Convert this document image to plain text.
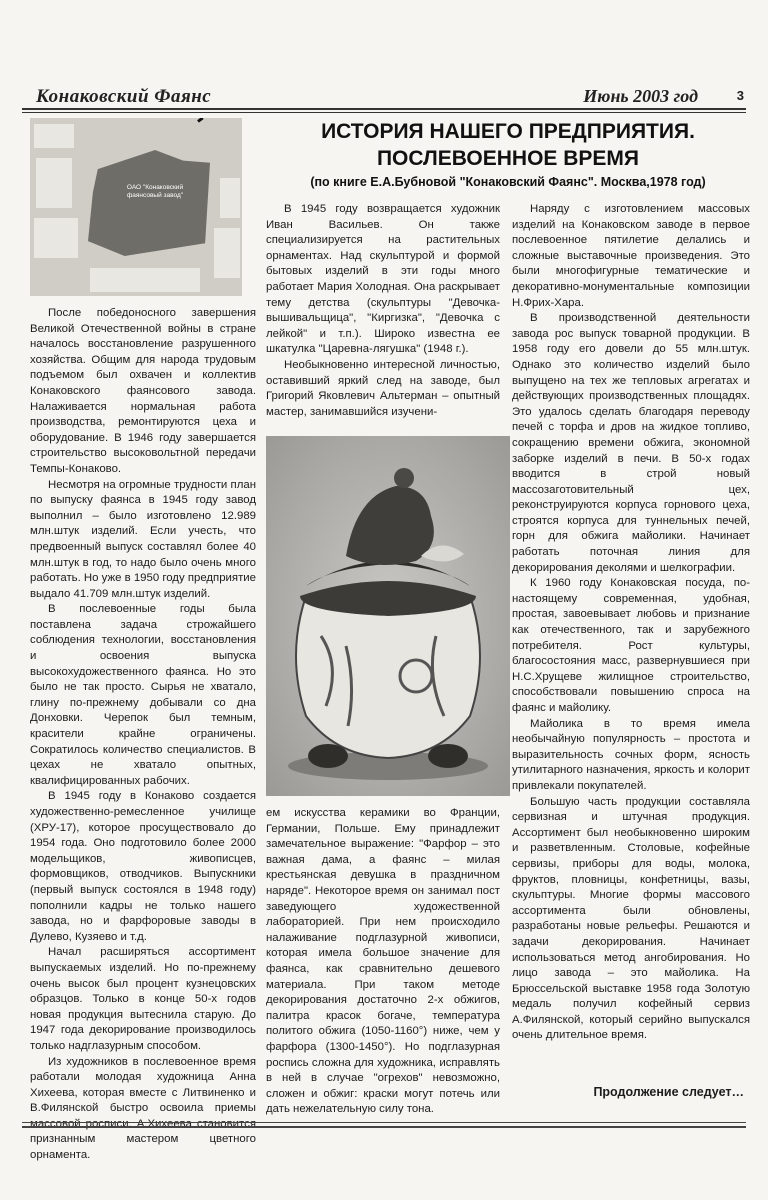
Конаковский Фаянс	Июнь 2003 год	3
ОАО "Конаковский фаянсовый завод"
ИСТОРИЯ НАШЕГО ПРЕДПРИЯТИЯ.
ПОСЛЕВОЕННОЕ ВРЕМЯ
(по книге Е.А.Бубновой "Конаковский Фаянс". Москва,1978 год)

После победоносного завершения Великой Отечественной войны в стране началось восстановление разрушенного хозяйства. Общим для народа трудовым подъемом был охвачен и коллектив Конаковского фаянсового завода. Налаживается нормальная работа производства, ремонтируются цеха и оборудование. В 1946 году завершается строительство высоковольтной передачи Темпы-Конаково.

Несмотря на огромные трудности план по выпуску фаянса в 1945 году завод выполнил – было изготовлено 12.989 млн.штук изделий. Если учесть, что предвоенный выпуск составлял более 40 млн.штук в год, то надо было очень много работать. Но уже в 1950 году предприятие выдало 41.709 млн.штук изделий.

В послевоенные годы была поставлена задача строжайшего соблюдения технологии, восстановления и освоения выпуска высокохудожественного фаянса. Но это было не так просто. Сырья не хватало, глину по-прежнему добывали со дна Донховки. Черепок был темным, красители крайне ограничены. Сократилось количество специалистов. В цехах не хватало опытных, квалифицированных рабочих.

В 1945 году в Конаково создается художественно-ремесленное училище (ХРУ-17), которое просуществовало до 1954 года. Оно подготовило более 2000 модельщиков, живописцев, формовщиков, отводчиков. Выпускники (первый выпуск состоялся в 1948 году) пополнили кадры не только нашего завода, но и фарфоровые заводы в Дулево, Кузяево и т.д.

Начал расширяться ассортимент выпускаемых изделий. Но по-прежнему очень высок был процент кузнецовских образцов. Только в конце 50-х годов новая продукция вытеснила старую. До 1947 года декорирование производилось только надглазурным способом.

Из художников в послевоенное время работали молодая художница Анна Хихеева, которая вместе с Литвиненко и В.Филянской быстро освоила приемы массовой росписи. А.Хихеева становится признанным мастером цветного орнамента.

В 1945 году возвращается художник Иван Васильев. Он также специализируется на растительных орнаментах. Над скульптурой и формой бытовых изделий в эти годы много работает Мария Холодная. Она раскрывает тему детства (скульптуры "Девочка-вышивальщица", "Киргизка", "Девочка с лейкой" и т.п.). Широко известна ее шкатулка "Царевна-лягушка" (1948 г.).

Необыкновенно интересной личностью, оставивший яркий след на заводе, был Григорий Яковлевич Альтерман – опытный мастер, занимавшийся изучени-

ем искусства керамики во Франции, Германии, Польше. Ему принадлежит замечательное выражение: "Фарфор – это важная дама, а фаянс – милая крестьянская девушка в праздничном наряде". Некоторое время он занимал пост заведующего художественной лабораторией. При нем происходило налаживание подглазурной живописи, которая имела большое значение для фаянса, как сравнительно дешевого материала. При таком методе декорирования достаточно 2-х обжигов, палитра красок богаче, температура политого обжига (1050-1160°) ниже, чем у фарфора (1300-1450°). Но подглазурная роспись сложна для художника, исправлять в ней в случае "огрехов" невозможно, сложен и обжиг: краски могут потечь или дать нежелательную силу тона.

Наряду с изготовлением массовых изделий на Конаковском заводе в первое послевоенное пятилетие делались и сложные выставочные произведения. Это были многофигурные тематические и декоративно-монументальные композиции Н.Фрих-Хара.

В производственной деятельности завода рос выпуск товарной продукции. В 1958 году его довели до 55 млн.штук. Однако это количество изделий было выпущено на тех же тепловых агрегатах и действующих производственных площадях. Это удалось сделать благодаря переводу печей с торфа и дров на жидкое топливо, сокращению времени обжига, экономной заборке изделий в печи. В 50-х годах вводится в строй новый массозаготовительный цех, реконструируются корпуса горнового цеха, строятся корпуса для туннельных печей, горн для обжига майолики. Начинает работать поточная линия для декорирования деколями и шелкографии.

К 1960 году Конаковская посуда, по-настоящему современная, удобная, простая, завоевывает любовь и признание как отечественного, так и зарубежного потребителя. Рост культуры, благосостояния масс, развернувшиеся при Н.С.Хрущеве жилищное строительство, способствовали повышению спроса на фаянс и майолику.

Майолика в то время имела необычайную популярность – простота и выразительность сочных форм, ясность утилитарного назначения, яркость и колорит привлекали покупателей.

Большую часть продукции составляла сервизная и штучная продукция. Ассортимент был необыкновенно широким и разветвленным. Столовые, кофейные сервизы, приборы для воды, молока, фруктов, пловницы, конфетницы, вазы, скульптуры. Многие формы массового ассортимента были обновлены, разработаны новые рельефы. Решаются и задачи декорирования. Начинает использоваться метод ангобирования. Но лицо завода – это майолика. На Брюссельской выставке 1958 года Золотую медаль получил кофейный сервиз А.Филянской, который серийно выпускался очень длительное время.

Продолжение следует…
